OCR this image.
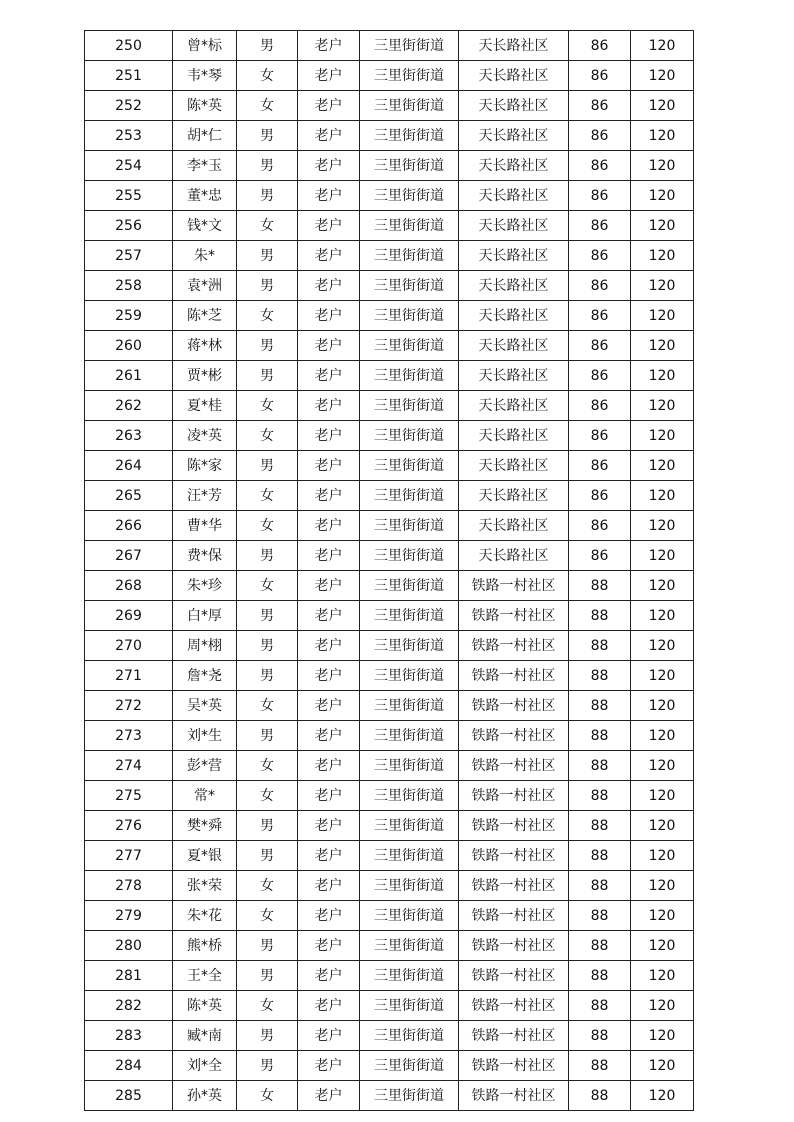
250	曾*标	男	老户	三里街街道	天长路社区	86	120
251	韦*琴	女	老户	三里街街道	天长路社区	86	120
252	陈*英	女	老户	三里街街道	天长路社区	86	120
253	胡*仁	男	老户	三里街街道	天长路社区	86	120
254	李*玉	男	老户	三里街街道	天长路社区	86	120
255	董*忠	男	老户	三里街街道	天长路社区	86	120
256	钱*文	女	老户	三里街街道	天长路社区	86	120
257	朱*	男	老户	三里街街道	天长路社区	86	120
258	袁*洲	男	老户	三里街街道	天长路社区	86	120
259	陈*芝	女	老户	三里街街道	天长路社区	86	120
260	蒋*林	男	老户	三里街街道	天长路社区	86	120
261	贾*彬	男	老户	三里街街道	天长路社区	86	120
262	夏*桂	女	老户	三里街街道	天长路社区	86	120
263	凌*英	女	老户	三里街街道	天长路社区	86	120
264	陈*家	男	老户	三里街街道	天长路社区	86	120
265	汪*芳	女	老户	三里街街道	天长路社区	86	120
266	曹*华	女	老户	三里街街道	天长路社区	86	120
267	费*保	男	老户	三里街街道	天长路社区	86	120
268	朱*珍	女	老户	三里街街道	铁路一村社区	88	120
269	白*厚	男	老户	三里街街道	铁路一村社区	88	120
270	周*栩	男	老户	三里街街道	铁路一村社区	88	120
271	詹*尧	男	老户	三里街街道	铁路一村社区	88	120
272	吴*英	女	老户	三里街街道	铁路一村社区	88	120
273	刘*生	男	老户	三里街街道	铁路一村社区	88	120
274	彭*营	女	老户	三里街街道	铁路一村社区	88	120
275	常*	女	老户	三里街街道	铁路一村社区	88	120
276	樊*舜	男	老户	三里街街道	铁路一村社区	88	120
277	夏*银	男	老户	三里街街道	铁路一村社区	88	120
278	张*荣	女	老户	三里街街道	铁路一村社区	88	120
279	朱*花	女	老户	三里街街道	铁路一村社区	88	120
280	熊*桥	男	老户	三里街街道	铁路一村社区	88	120
281	王*全	男	老户	三里街街道	铁路一村社区	88	120
282	陈*英	女	老户	三里街街道	铁路一村社区	88	120
283	臧*南	男	老户	三里街街道	铁路一村社区	88	120
284	刘*全	男	老户	三里街街道	铁路一村社区	88	120
285	孙*英	女	老户	三里街街道	铁路一村社区	88	120
